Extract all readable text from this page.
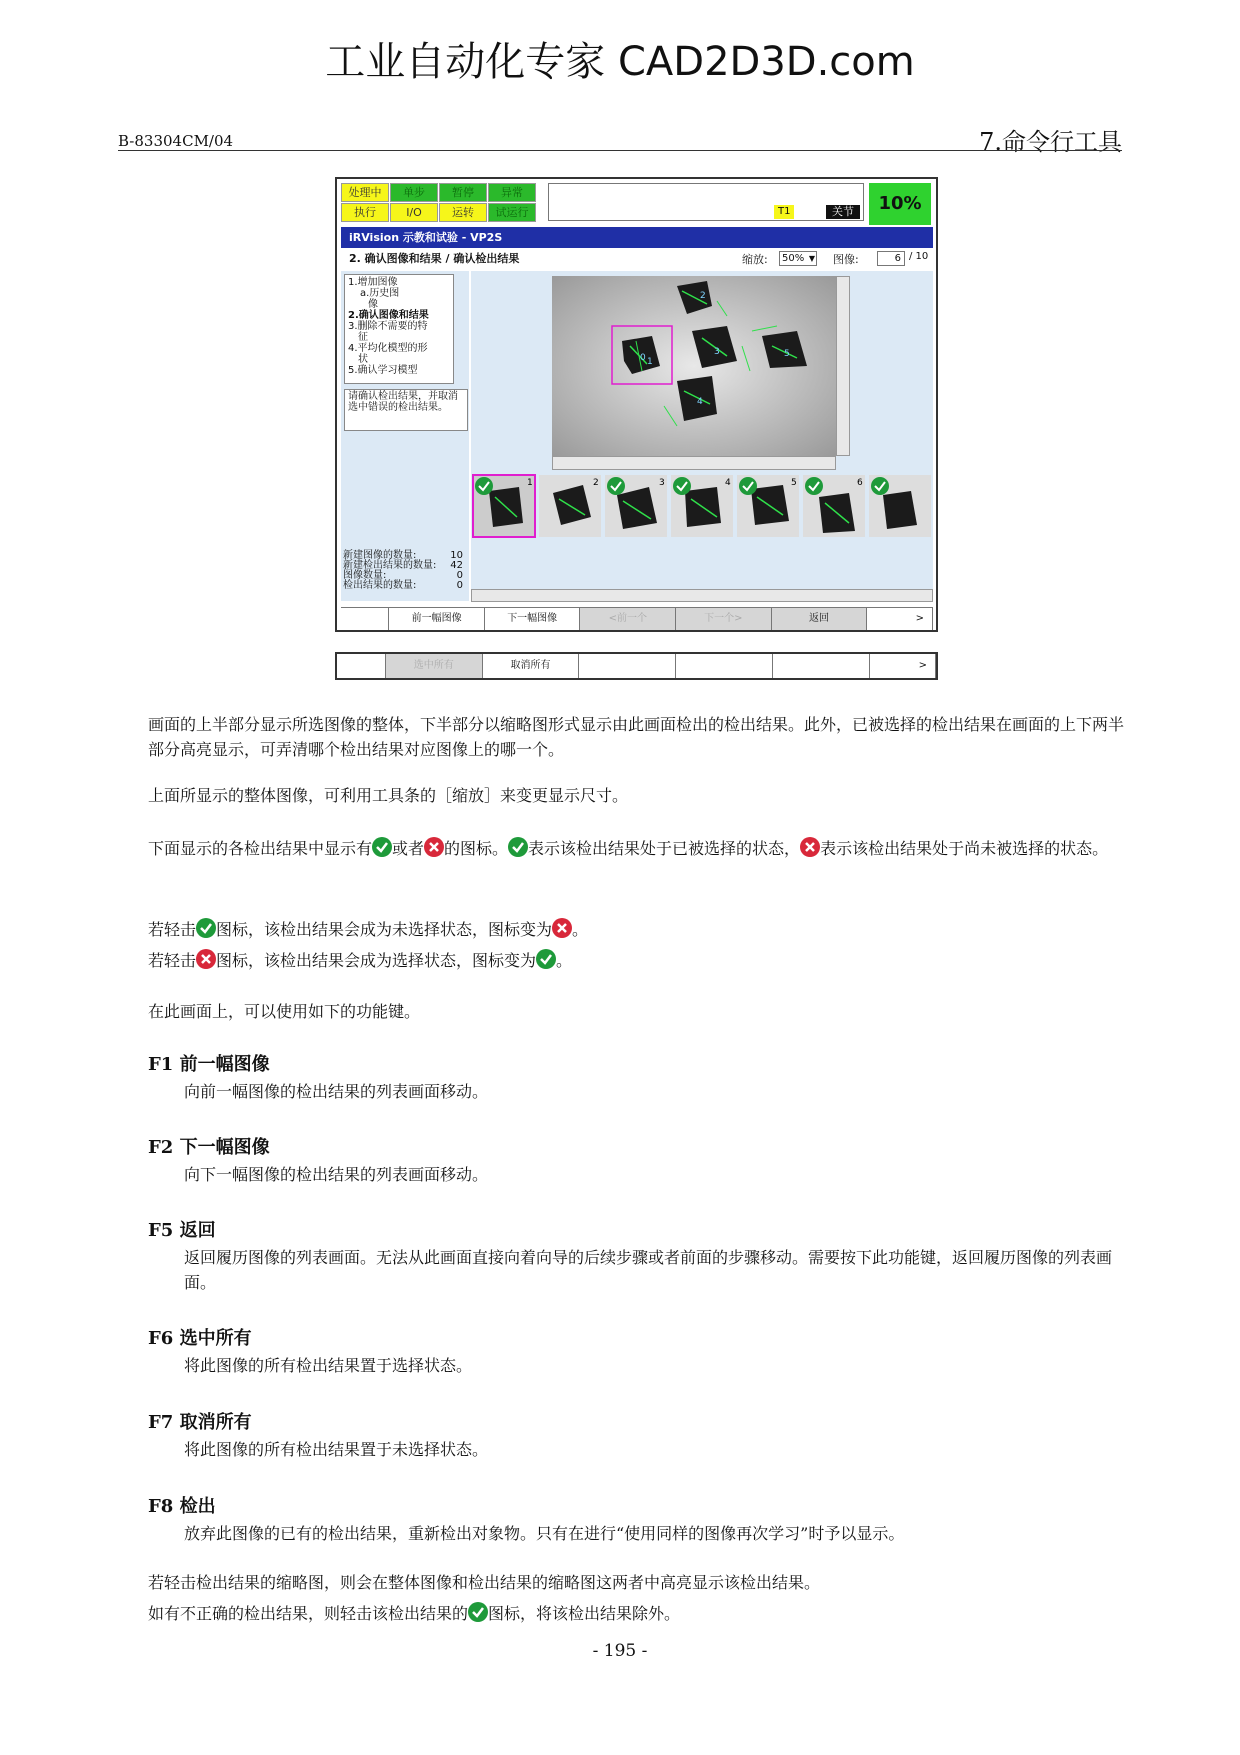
工业自动化专家 CAD2D3D.com
B-83304CM/04	7.命令行工具
处理中	单步	暂停	异常
执行	I/O	运转	试运行	T1	关节	10%
iRVision 示教和试验 - VP2S
2. 确认图像和结果 / 确认检出结果	缩放:	50% ▼ 图像:	6 / 10
1.增加图像
a.历史图
像
2.确认图像和结果
3.删除不需要的特
征
4.平均化模型的形
状
5.确认学习模型
请确认检出结果，并取消选中错误的检出结果。
新建图像的数量:	10
新建检出结果的数量: 42
图像数量:	0
检出结果的数量:	0
0 1
2
3
4
5
1	2	3	4	5	6
前一幅图像	下一幅图像	<前一个	下一个>	返回	>
选中所有	取消所有	>
画面的上半部分显示所选图像的整体，下半部分以缩略图形式显示由此画面检出的检出结果。此外，已被选择的检出结果在画面的上下两半部分高亮显示，可弄清哪个检出结果对应图像上的哪一个。
上面所显示的整体图像，可利用工具条的［缩放］来变更显示尺寸。
下面显示的各检出结果中显示有 或者 的图标。 表示该检出结果处于已被选择的状态， 表示该检出结果处于尚未被选择的状态。
若轻击 图标，该检出结果会成为未选择状态，图标变为 。
若轻击 图标，该检出结果会成为选择状态，图标变为 。
在此画面上，可以使用如下的功能键。
F1 前一幅图像
向前一幅图像的检出结果的列表画面移动。
F2 下一幅图像
向下一幅图像的检出结果的列表画面移动。
F5 返回
返回履历图像的列表画面。无法从此画面直接向着向导的后续步骤或者前面的步骤移动。需要按下此功能键，返回履历图像的列表画面。
F6 选中所有
将此图像的所有检出结果置于选择状态。
F7 取消所有
将此图像的所有检出结果置于未选择状态。
F8 检出
放弃此图像的已有的检出结果，重新检出对象物。只有在进行“使用同样的图像再次学习”时予以显示。
若轻击检出结果的缩略图，则会在整体图像和检出结果的缩略图这两者中高亮显示该检出结果。
如有不正确的检出结果，则轻击该检出结果的 图标，将该检出结果除外。
- 195 -
